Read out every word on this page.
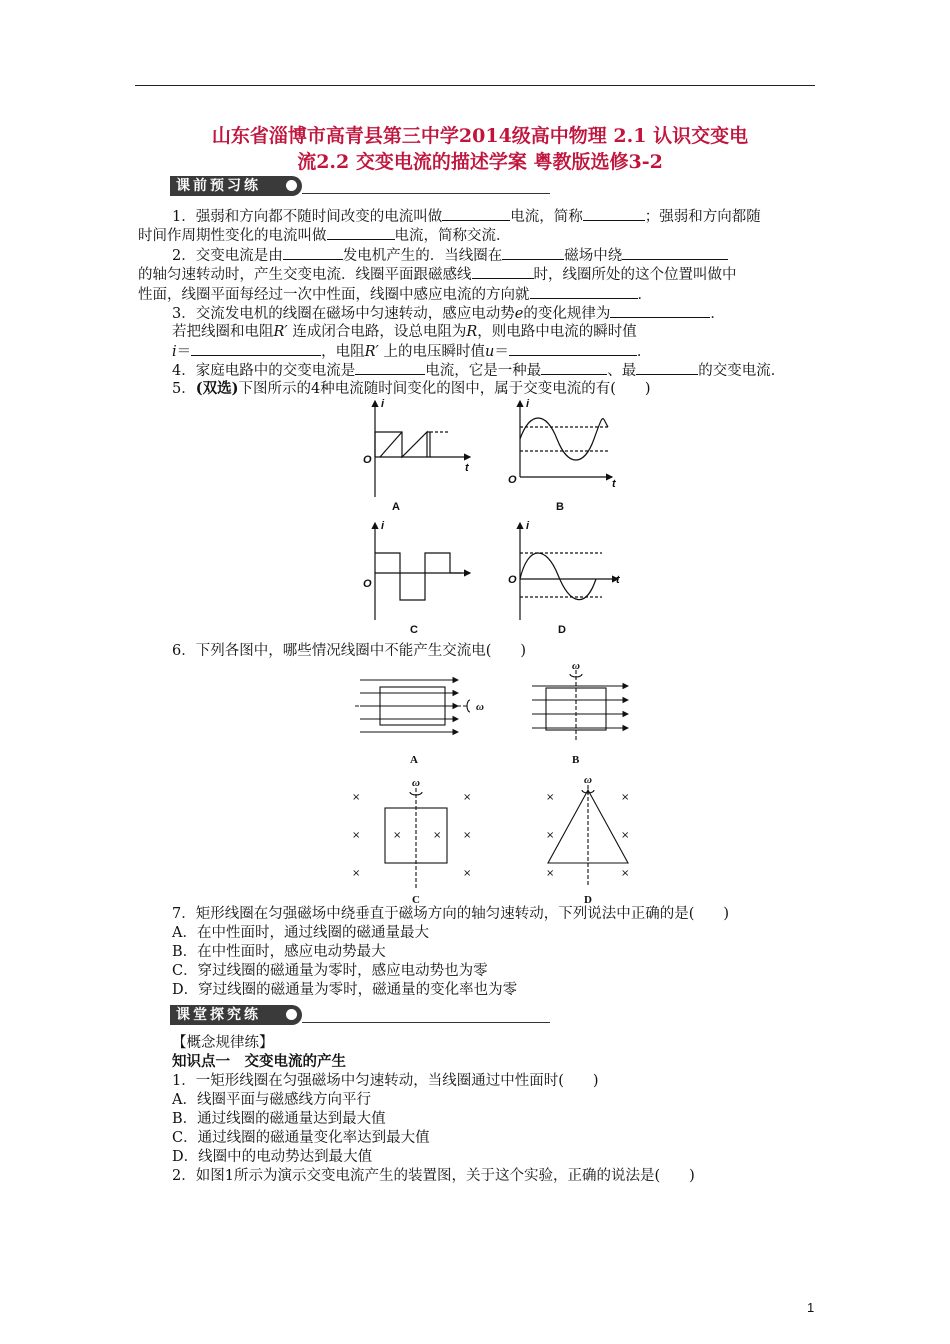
山东省淄博市高青县第三中学2014级高中物理 2.1 认识交变电
流2.2 交变电流的描述学案 粤教版选修3-2
课前预习练
1．强弱和方向都不随时间改变的电流叫做	电流，简称	；强弱和方向都随
时间作周期性变化的电流叫做	电流，简称交流．
2．交变电流是由	发电机产生的．当线圈在	磁场中绕
的轴匀速转动时，产生交变电流．线圈平面跟磁感线	时，线圈所处的这个位置叫做中
性面，线圈平面每经过一次中性面，线圈中感应电流的方向就	．
3．交流发电机的线圈在磁场中匀速转动，感应电动势e的变化规律为	．
若把线圈和电阻R′ 连成闭合电路，设总电阻为R，则电路中电流的瞬时值
i＝	，电阻R′ 上的电压瞬时值u＝	．
4．家庭电路中的交变电流是	电流，它是一种最	、最	的交变电流．
5．(双选)下图所示的4种电流随时间变化的图中，属于交变电流的有(　　)
i
t
O
A
i
t
O
B
i
O
C
i
t
O
D
6．下列各图中，哪些情况线圈中不能产生交流电(　　)
ω
A
ω
B
ω
C
ω
D
×
×
×
×
×
×
×	×
×
×
×
×
×
×
7．矩形线圈在匀强磁场中绕垂直于磁场方向的轴匀速转动，下列说法中正确的是(　　)
A．在中性面时，通过线圈的磁通量最大
B．在中性面时，感应电动势最大
C．穿过线圈的磁通量为零时，感应电动势也为零
D．穿过线圈的磁通量为零时，磁通量的变化率也为零
课堂探究练
【概念规律练】
知识点一　交变电流的产生
1．一矩形线圈在匀强磁场中匀速转动，当线圈通过中性面时(　　)
A．线圈平面与磁感线方向平行
B．通过线圈的磁通量达到最大值
C．通过线圈的磁通量变化率达到最大值
D．线圈中的电动势达到最大值
2．如图1所示为演示交变电流产生的装置图，关于这个实验，正确的说法是(　　)
1
